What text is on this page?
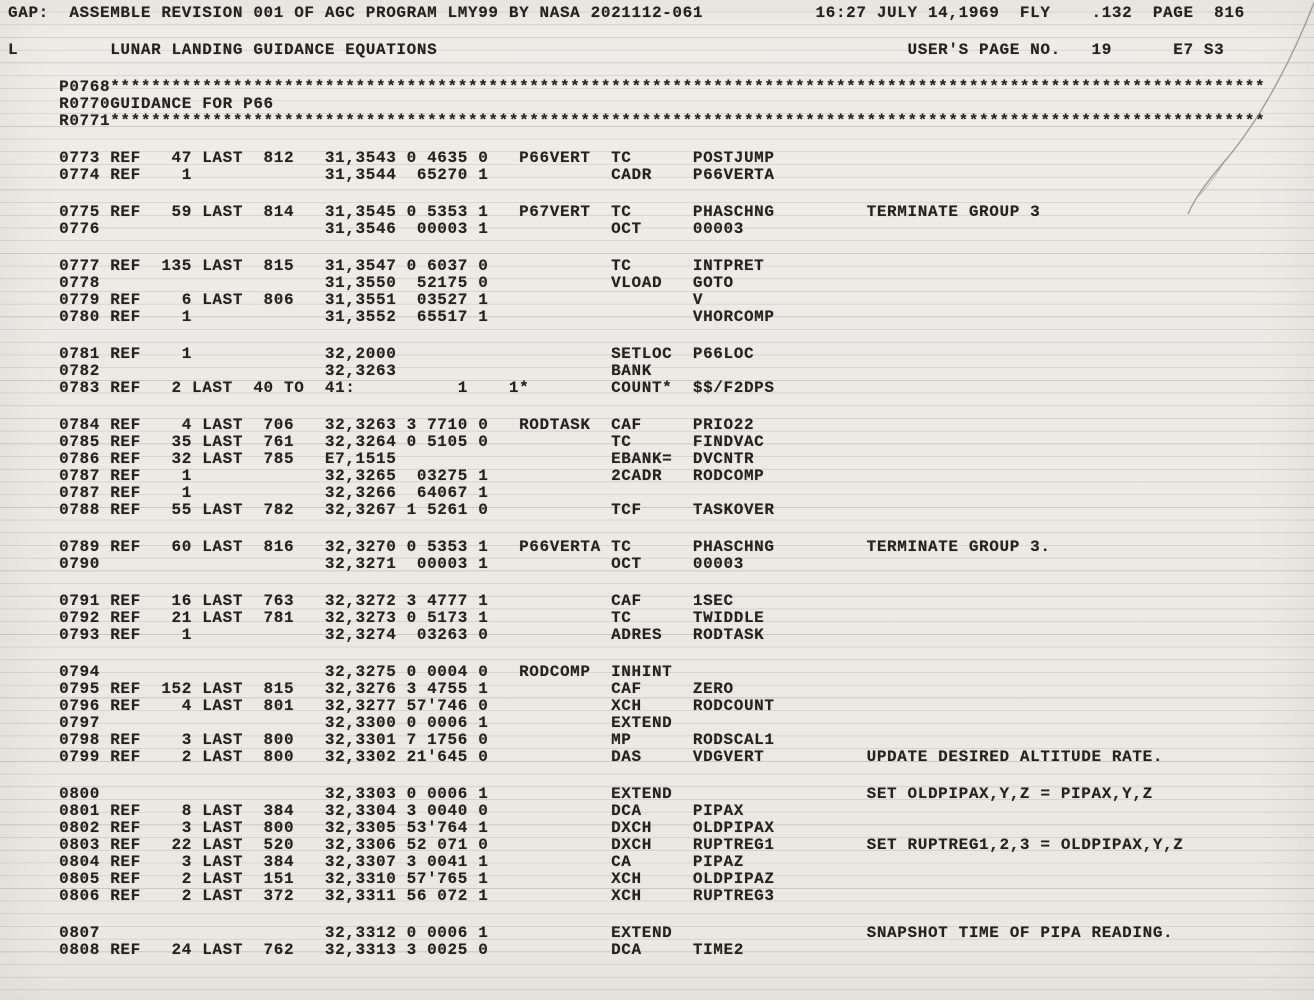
GAP:  ASSEMBLE REVISION 001 OF AGC PROGRAM LMY99 BY NASA 2021112-061           16:27 JULY 14,1969  FLY    .132  PAGE  816
L         LUNAR LANDING GUIDANCE EQUATIONS                                              USER'S PAGE NO.   19      E7 S3
P0768*****************************************************************************************************************
R0770GUIDANCE FOR P66
R0771*****************************************************************************************************************
0773 REF   47 LAST  812   31,3543 0 4635 0   P66VERT  TC      POSTJUMP
0774 REF    1             31,3544  65270 1            CADR    P66VERTA
0775 REF   59 LAST  814   31,3545 0 5353 1   P67VERT  TC      PHASCHNG         TERMINATE GROUP 3
0776                      31,3546  00003 1            OCT     00003
0777 REF  135 LAST  815   31,3547 0 6037 0            TC      INTPRET
0778                      31,3550  52175 0            VLOAD   GOTO
0779 REF    6 LAST  806   31,3551  03527 1                    V
0780 REF    1             31,3552  65517 1                    VHORCOMP
0781 REF    1             32,2000                     SETLOC  P66LOC
0782                      32,3263                     BANK
0783 REF   2 LAST  40 TO  41:          1    1*        COUNT*  $$/F2DPS
0784 REF    4 LAST  706   32,3263 3 7710 0   RODTASK  CAF     PRIO22
0785 REF   35 LAST  761   32,3264 0 5105 0            TC      FINDVAC
0786 REF   32 LAST  785   E7,1515                     EBANK=  DVCNTR
0787 REF    1             32,3265  03275 1            2CADR   RODCOMP
0787 REF    1             32,3266  64067 1
0788 REF   55 LAST  782   32,3267 1 5261 0            TCF     TASKOVER
0789 REF   60 LAST  816   32,3270 0 5353 1   P66VERTA TC      PHASCHNG         TERMINATE GROUP 3.
0790                      32,3271  00003 1            OCT     00003
0791 REF   16 LAST  763   32,3272 3 4777 1            CAF     1SEC
0792 REF   21 LAST  781   32,3273 0 5173 1            TC      TWIDDLE
0793 REF    1             32,3274  03263 0            ADRES   RODTASK
0794                      32,3275 0 0004 0   RODCOMP  INHINT
0795 REF  152 LAST  815   32,3276 3 4755 1            CAF     ZERO
0796 REF    4 LAST  801   32,3277 57'746 0            XCH     RODCOUNT
0797                      32,3300 0 0006 1            EXTEND
0798 REF    3 LAST  800   32,3301 7 1756 0            MP      RODSCAL1
0799 REF    2 LAST  800   32,3302 21'645 0            DAS     VDGVERT          UPDATE DESIRED ALTITUDE RATE.
0800                      32,3303 0 0006 1            EXTEND                   SET OLDPIPAX,Y,Z = PIPAX,Y,Z
0801 REF    8 LAST  384   32,3304 3 0040 0            DCA     PIPAX
0802 REF    3 LAST  800   32,3305 53'764 1            DXCH    OLDPIPAX
0803 REF   22 LAST  520   32,3306 52 071 0            DXCH    RUPTREG1         SET RUPTREG1,2,3 = OLDPIPAX,Y,Z
0804 REF    3 LAST  384   32,3307 3 0041 1            CA      PIPAZ
0805 REF    2 LAST  151   32,3310 57'765 1            XCH     OLDPIPAZ
0806 REF    2 LAST  372   32,3311 56 072 1            XCH     RUPTREG3
0807                      32,3312 0 0006 1            EXTEND                   SNAPSHOT TIME OF PIPA READING.
0808 REF   24 LAST  762   32,3313 3 0025 0            DCA     TIME2
